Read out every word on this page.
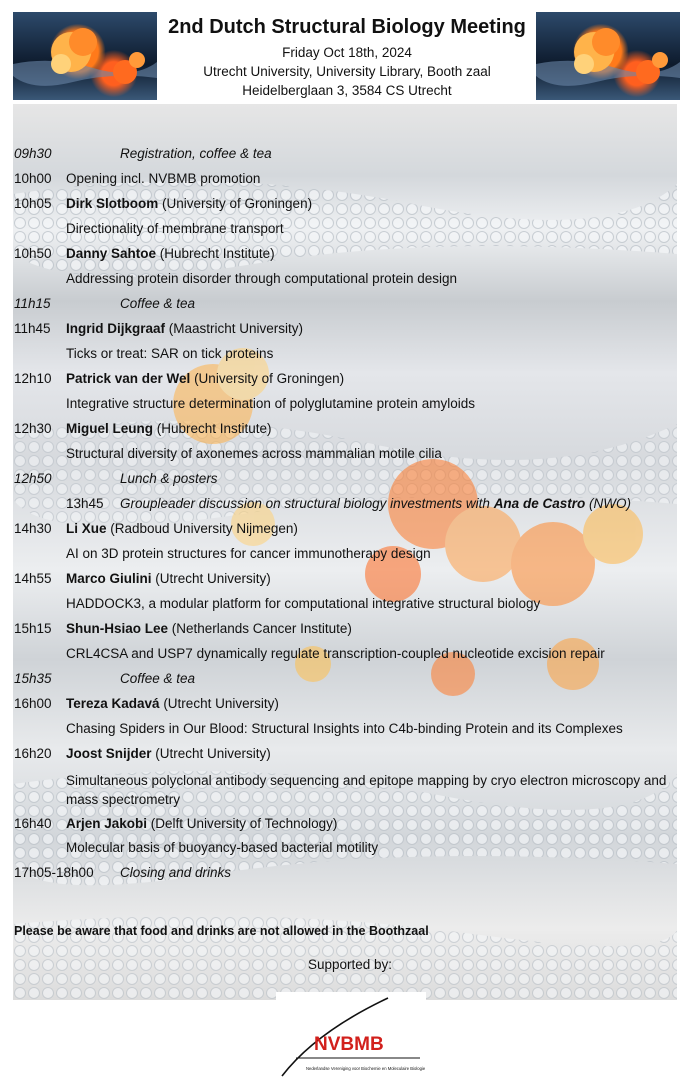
2nd Dutch Structural Biology Meeting
Friday Oct 18th, 2024
Utrecht University, University Library, Booth zaal
Heidelberglaan 3, 3584 CS Utrecht
09h30	Registration, coffee & tea
10h00 Opening incl. NVBMB promotion
10h05 Dirk Slotboom (University of Groningen)
Directionality of membrane transport
10h50 Danny Sahtoe (Hubrecht Institute)
Addressing protein disorder through computational protein design
11h15	Coffee & tea
11h45 Ingrid Dijkgraaf (Maastricht University)
Ticks or treat: SAR on tick proteins
12h10 Patrick van der Wel (University of Groningen)
Integrative structure determination of polyglutamine protein amyloids
12h30 Miguel Leung (Hubrecht Institute)
Structural diversity of axonemes across mammalian motile cilia
12h50	Lunch & posters
13h45 Groupleader discussion on structural biology investments with Ana de Castro (NWO)
14h30 Li Xue (Radboud University Nijmegen)
AI on 3D protein structures for cancer immunotherapy design
14h55 Marco Giulini (Utrecht University)
HADDOCK3, a modular platform for computational integrative structural biology
15h15 Shun-Hsiao Lee (Netherlands Cancer Institute)
CRL4CSA and USP7 dynamically regulate transcription-coupled nucleotide excision repair
15h35	Coffee & tea
16h00 Tereza Kadavá (Utrecht University)
Chasing Spiders in Our Blood: Structural Insights into C4b-binding Protein and its Complexes
16h20 Joost Snijder (Utrecht University)
Simultaneous polyclonal antibody sequencing and epitope mapping by cryo electron microscopy and mass spectrometry
16h40 Arjen Jakobi (Delft University of Technology)
Molecular basis of buoyancy-based bacterial motility
17h05-18h00 Closing and drinks
Please be aware that food and drinks are not allowed in the Boothzaal
Supported by:
NVBMB
Nederlandse Vereniging voor Biochemie en Moleculaire Biologie
